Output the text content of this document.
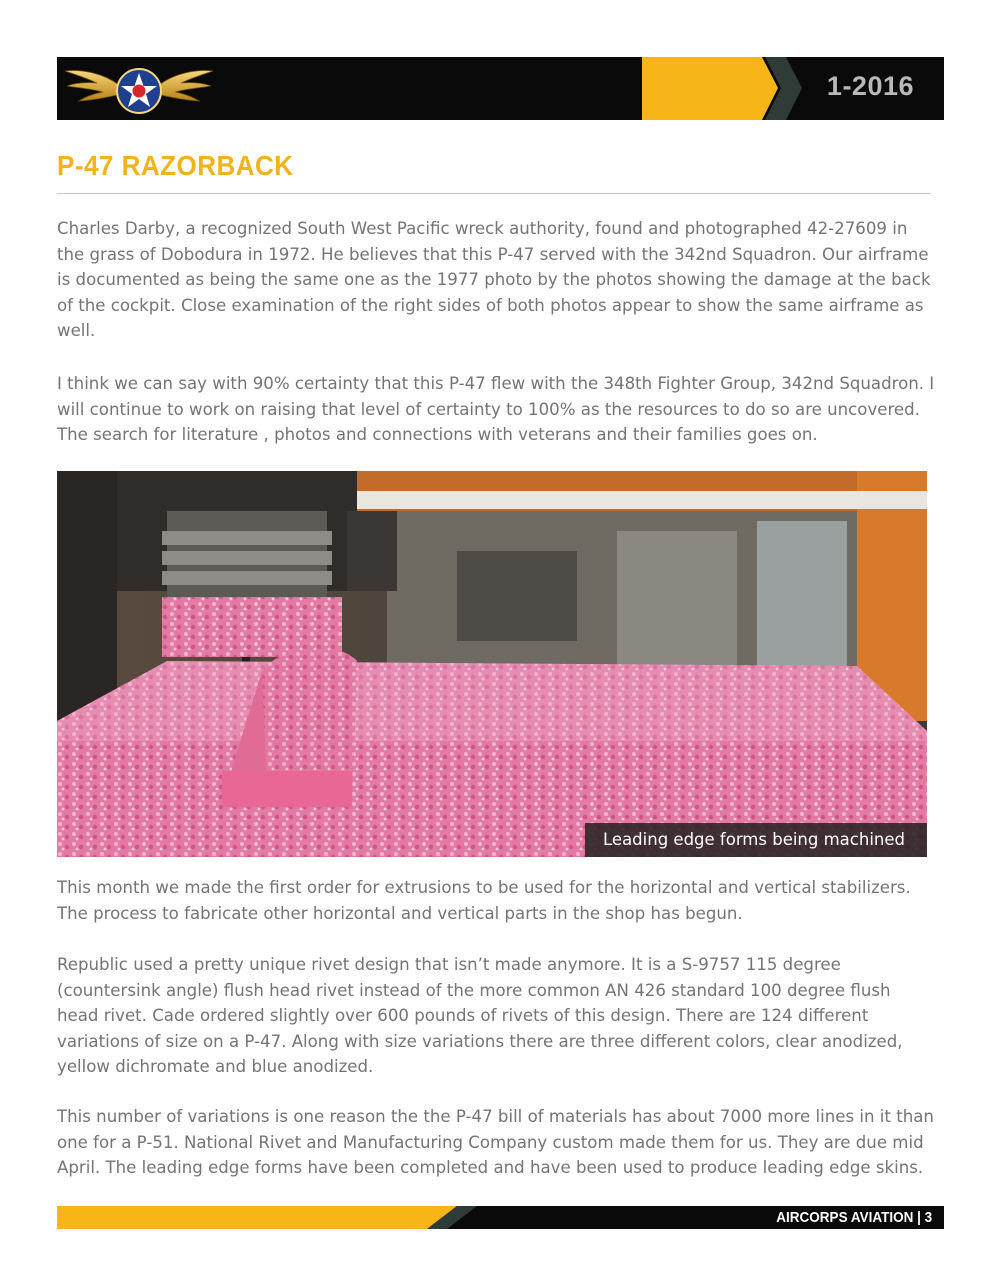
1-2016
P-47 RAZORBACK

Charles Darby, a recognized South West Pacific wreck authority, found and photographed 42-27609 in the grass of Dobodura in 1972. He believes that this P-47 served with the 342nd Squadron. Our airframe is documented as being the same one as the 1977 photo by the photos showing the damage at the back of the cockpit. Close examination of the right sides of both photos appear to show the same airframe as well.

I think we can say with 90% certainty that this P-47 flew with the 348th Fighter Group, 342nd Squadron. I will continue to work on raising that level of certainty to 100% as the resources to do so are uncovered. The search for literature , photos and connections with veterans and their families goes on.

Leading edge forms being machined

This month we made the first order for extrusions to be used for the horizontal and vertical stabilizers. The process to fabricate other horizontal and vertical parts in the shop has begun.

Republic used a pretty unique rivet design that isn’t made anymore. It is a S-9757 115 degree (countersink angle) flush head rivet instead of the more common AN 426 standard 100 degree flush head rivet. Cade ordered slightly over 600 pounds of rivets of this design. There are 124 different variations of size on a P-47. Along with size variations there are three different colors, clear anodized, yellow dichromate and blue anodized.

This number of variations is one reason the the P-47 bill of materials has about 7000 more lines in it than one for a P-51. National Rivet and Manufacturing Company custom made them for us. They are due mid April. The leading edge forms have been completed and have been used to produce leading edge skins.

AIRCORPS AVIATION | 3
